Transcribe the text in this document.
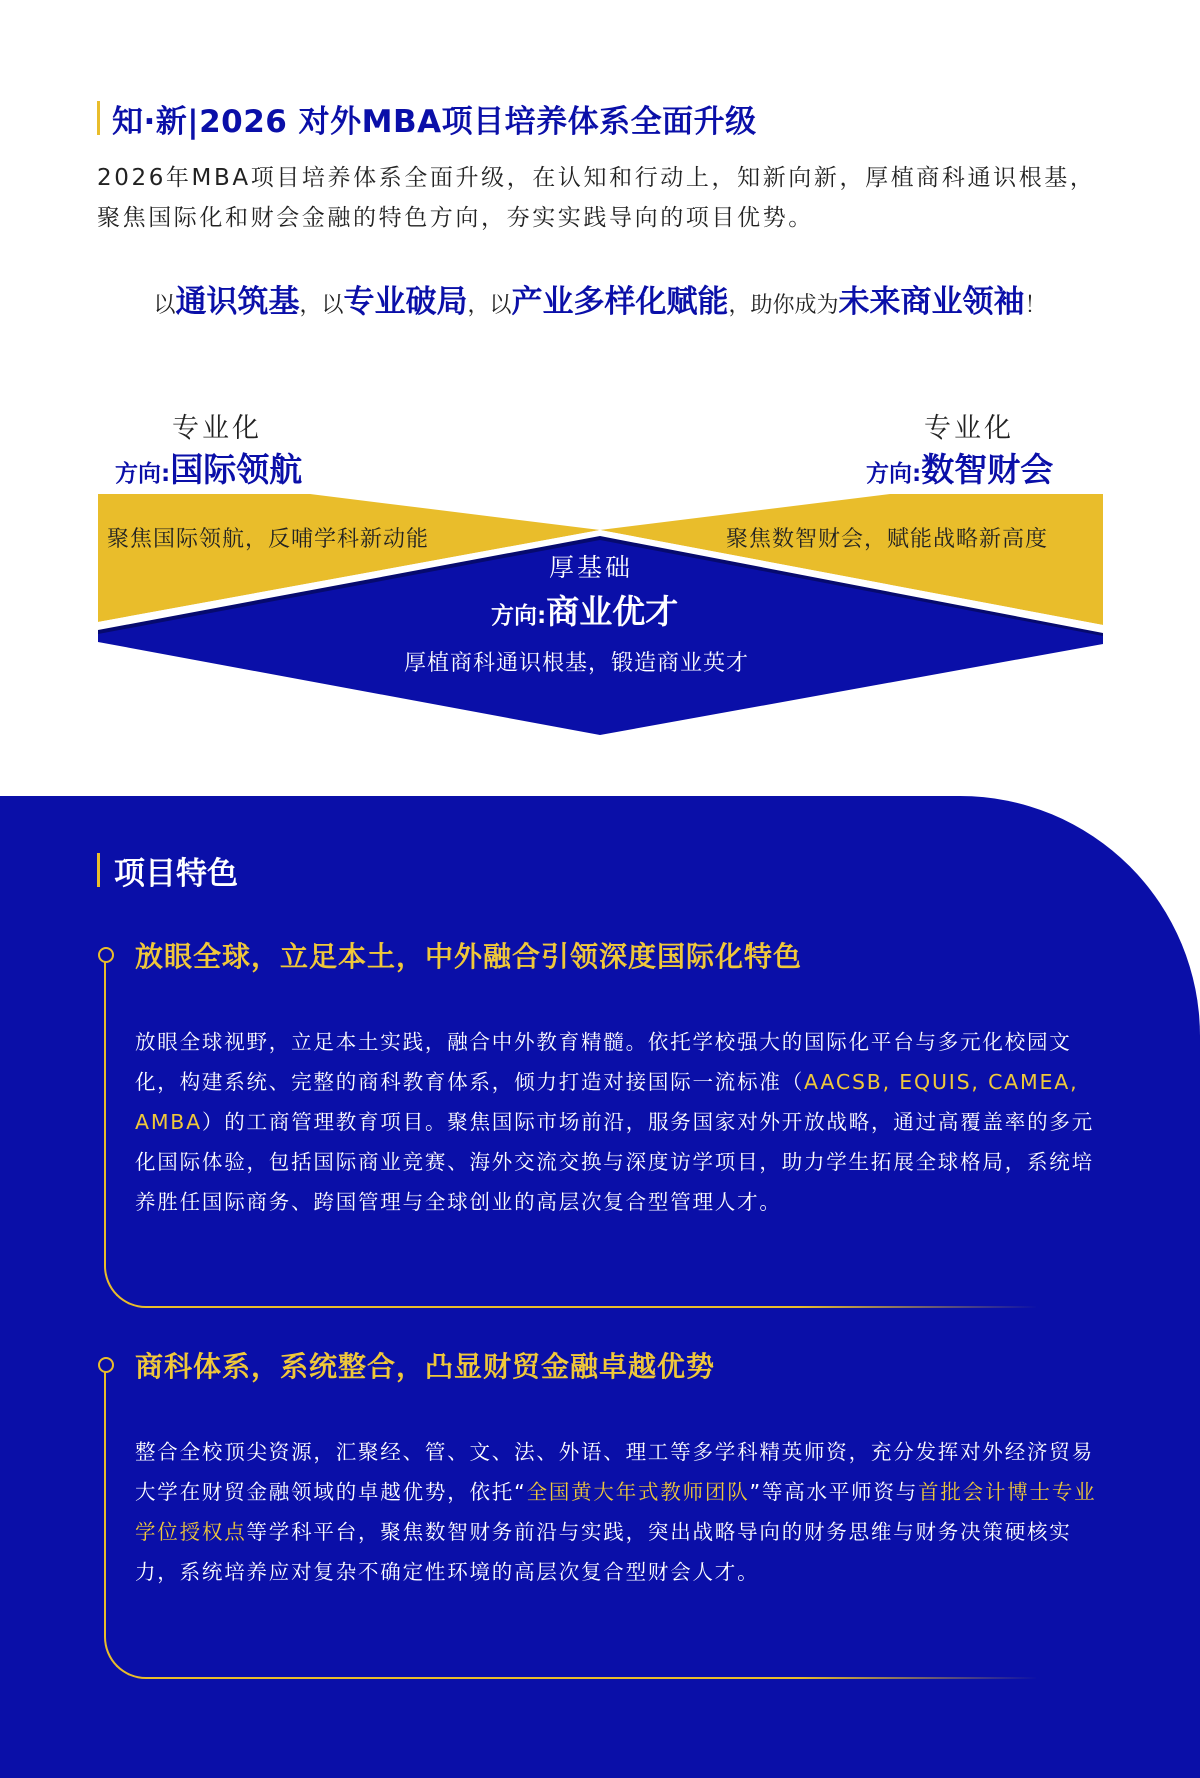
知·新|2026 对外MBA项目培养体系全面升级
2026年MBA项目培养体系全面升级，在认知和行动上，知新向新，厚植商科通识根基，聚焦国际化和财会金融的特色方向，夯实实践导向的项目优势。
以通识筑基，以专业破局，以产业多样化赋能，助你成为未来商业领袖！
专业化
方向:国际领航
聚焦国际领航，反哺学科新动能
专业化
方向:数智财会
聚焦数智财会，赋能战略新高度
厚基础
方向:商业优才
厚植商科通识根基，锻造商业英才
项目特色
放眼全球，立足本土，中外融合引领深度国际化特色
放眼全球视野，立足本土实践，融合中外教育精髓。依托学校强大的国际化平台与多元化校园文化，构建系统、完整的商科教育体系，倾力打造对接国际一流标准（AACSB, EQUIS, CAMEA, AMBA）的工商管理教育项目。聚焦国际市场前沿，服务国家对外开放战略，通过高覆盖率的多元化国际体验，包括国际商业竞赛、海外交流交换与深度访学项目，助力学生拓展全球格局，系统培养胜任国际商务、跨国管理与全球创业的高层次复合型管理人才。
商科体系，系统整合，凸显财贸金融卓越优势
整合全校顶尖资源，汇聚经、管、文、法、外语、理工等多学科精英师资，充分发挥对外经济贸易大学在财贸金融领域的卓越优势，依托“全国黄大年式教师团队”等高水平师资与首批会计博士专业学位授权点等学科平台，聚焦数智财务前沿与实践，突出战略导向的财务思维与财务决策硬核实力，系统培养应对复杂不确定性环境的高层次复合型财会人才。
